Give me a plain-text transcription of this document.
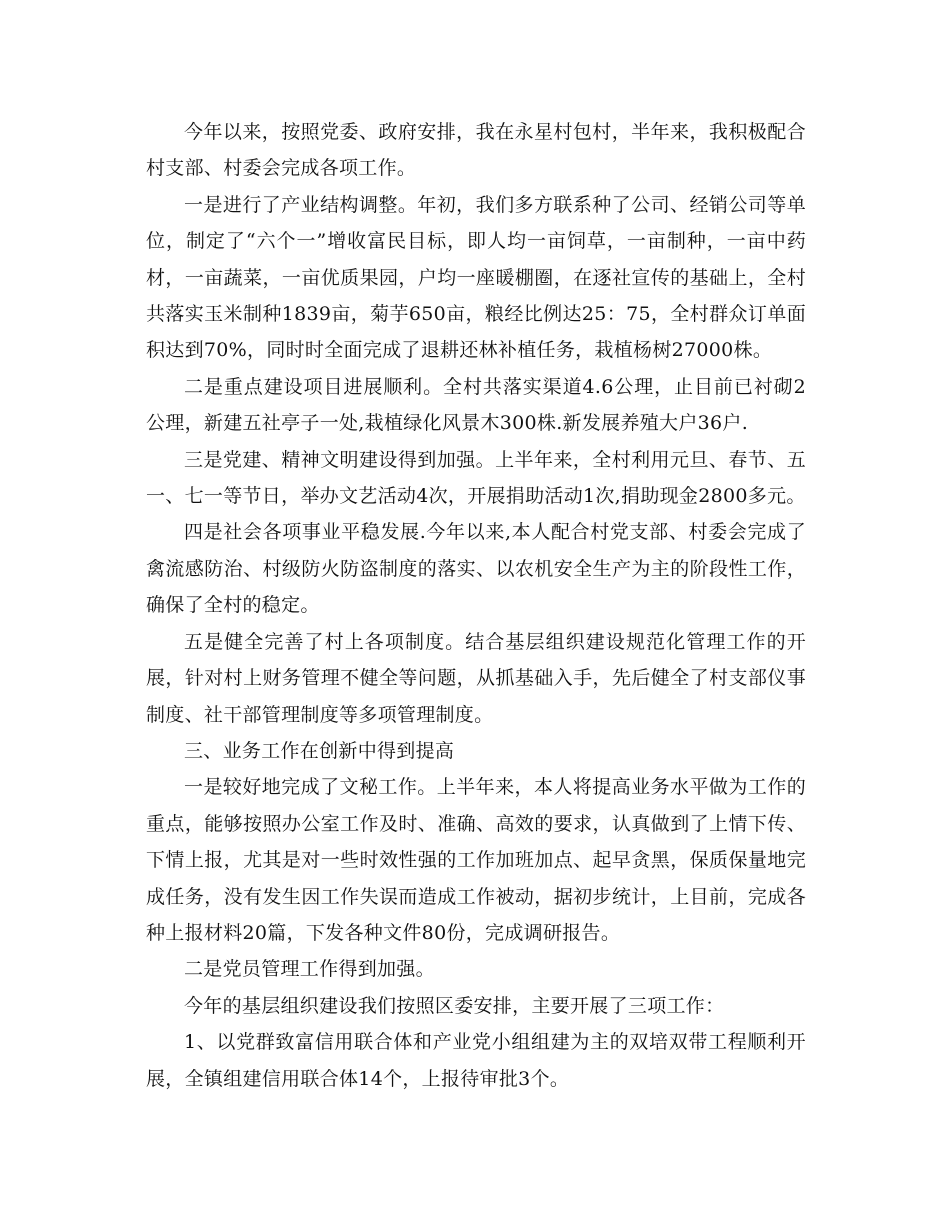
今年以来，按照党委、政府安排，我在永星村包村，半年来，我积极配合村支部、村委会完成各项工作。

一是进行了产业结构调整。年初，我们多方联系种了公司、经销公司等单位，制定了“六个一”增收富民目标，即人均一亩饲草，一亩制种，一亩中药材，一亩蔬菜，一亩优质果园，户均一座暖棚圈，在逐社宣传的基础上，全村共落实玉米制种1839亩，菊芋650亩，粮经比例达25：75，全村群众订单面积达到70%，同时时全面完成了退耕还林补植任务，栽植杨树27000株。

二是重点建设项目进展顺利。全村共落实渠道4.6公理，止目前已衬砌2公理，新建五社亭子一处,栽植绿化风景木300株.新发展养殖大户36户.

三是党建、精神文明建设得到加强。上半年来，全村利用元旦、春节、五一、七一等节日，举办文艺活动4次，开展捐助活动1次,捐助现金2800多元。

四是社会各项事业平稳发展.今年以来,本人配合村党支部、村委会完成了禽流感防治、村级防火防盗制度的落实、以农机安全生产为主的阶段性工作，确保了全村的稳定。

五是健全完善了村上各项制度。结合基层组织建设规范化管理工作的开展，针对村上财务管理不健全等问题，从抓基础入手，先后健全了村支部仪事制度、社干部管理制度等多项管理制度。

三、业务工作在创新中得到提高

一是较好地完成了文秘工作。上半年来，本人将提高业务水平做为工作的重点，能够按照办公室工作及时、准确、高效的要求，认真做到了上情下传、下情上报，尤其是对一些时效性强的工作加班加点、起早贪黑，保质保量地完成任务，没有发生因工作失误而造成工作被动，据初步统计，上目前，完成各种上报材料20篇，下发各种文件80份，完成调研报告。

二是党员管理工作得到加强。

今年的基层组织建设我们按照区委安排，主要开展了三项工作：

1、以党群致富信用联合体和产业党小组组建为主的双培双带工程顺利开展，全镇组建信用联合体14个，上报待审批3个。
